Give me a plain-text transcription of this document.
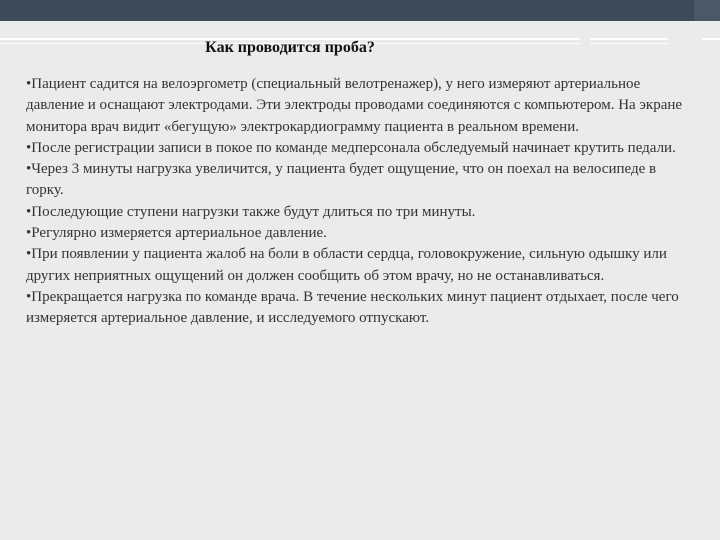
Как проводится проба?
•Пациент садится на велоэргометр (специальный велотренажер), у него измеряют артериальное давление и оснащают электродами. Эти электроды проводами соединяются с компьютером. На экране монитора врач видит «бегущую» электрокардиограмму пациента в реальном времени.
•После регистрации записи в покое по команде медперсонала обследуемый начинает крутить педали.
•Через 3 минуты нагрузка увеличится, у пациента будет ощущение, что он поехал на велосипеде в горку.
•Последующие ступени нагрузки также будут длиться по три минуты.
•Регулярно измеряется артериальное давление.
•При появлении у пациента жалоб на боли в области сердца, головокружение, сильную одышку или других неприятных ощущений он должен сообщить об этом врачу, но не останавливаться.
•Прекращается нагрузка по команде врача. В течение нескольких минут пациент отдыхает, после чего измеряется артериальное давление, и исследуемого отпускают.
